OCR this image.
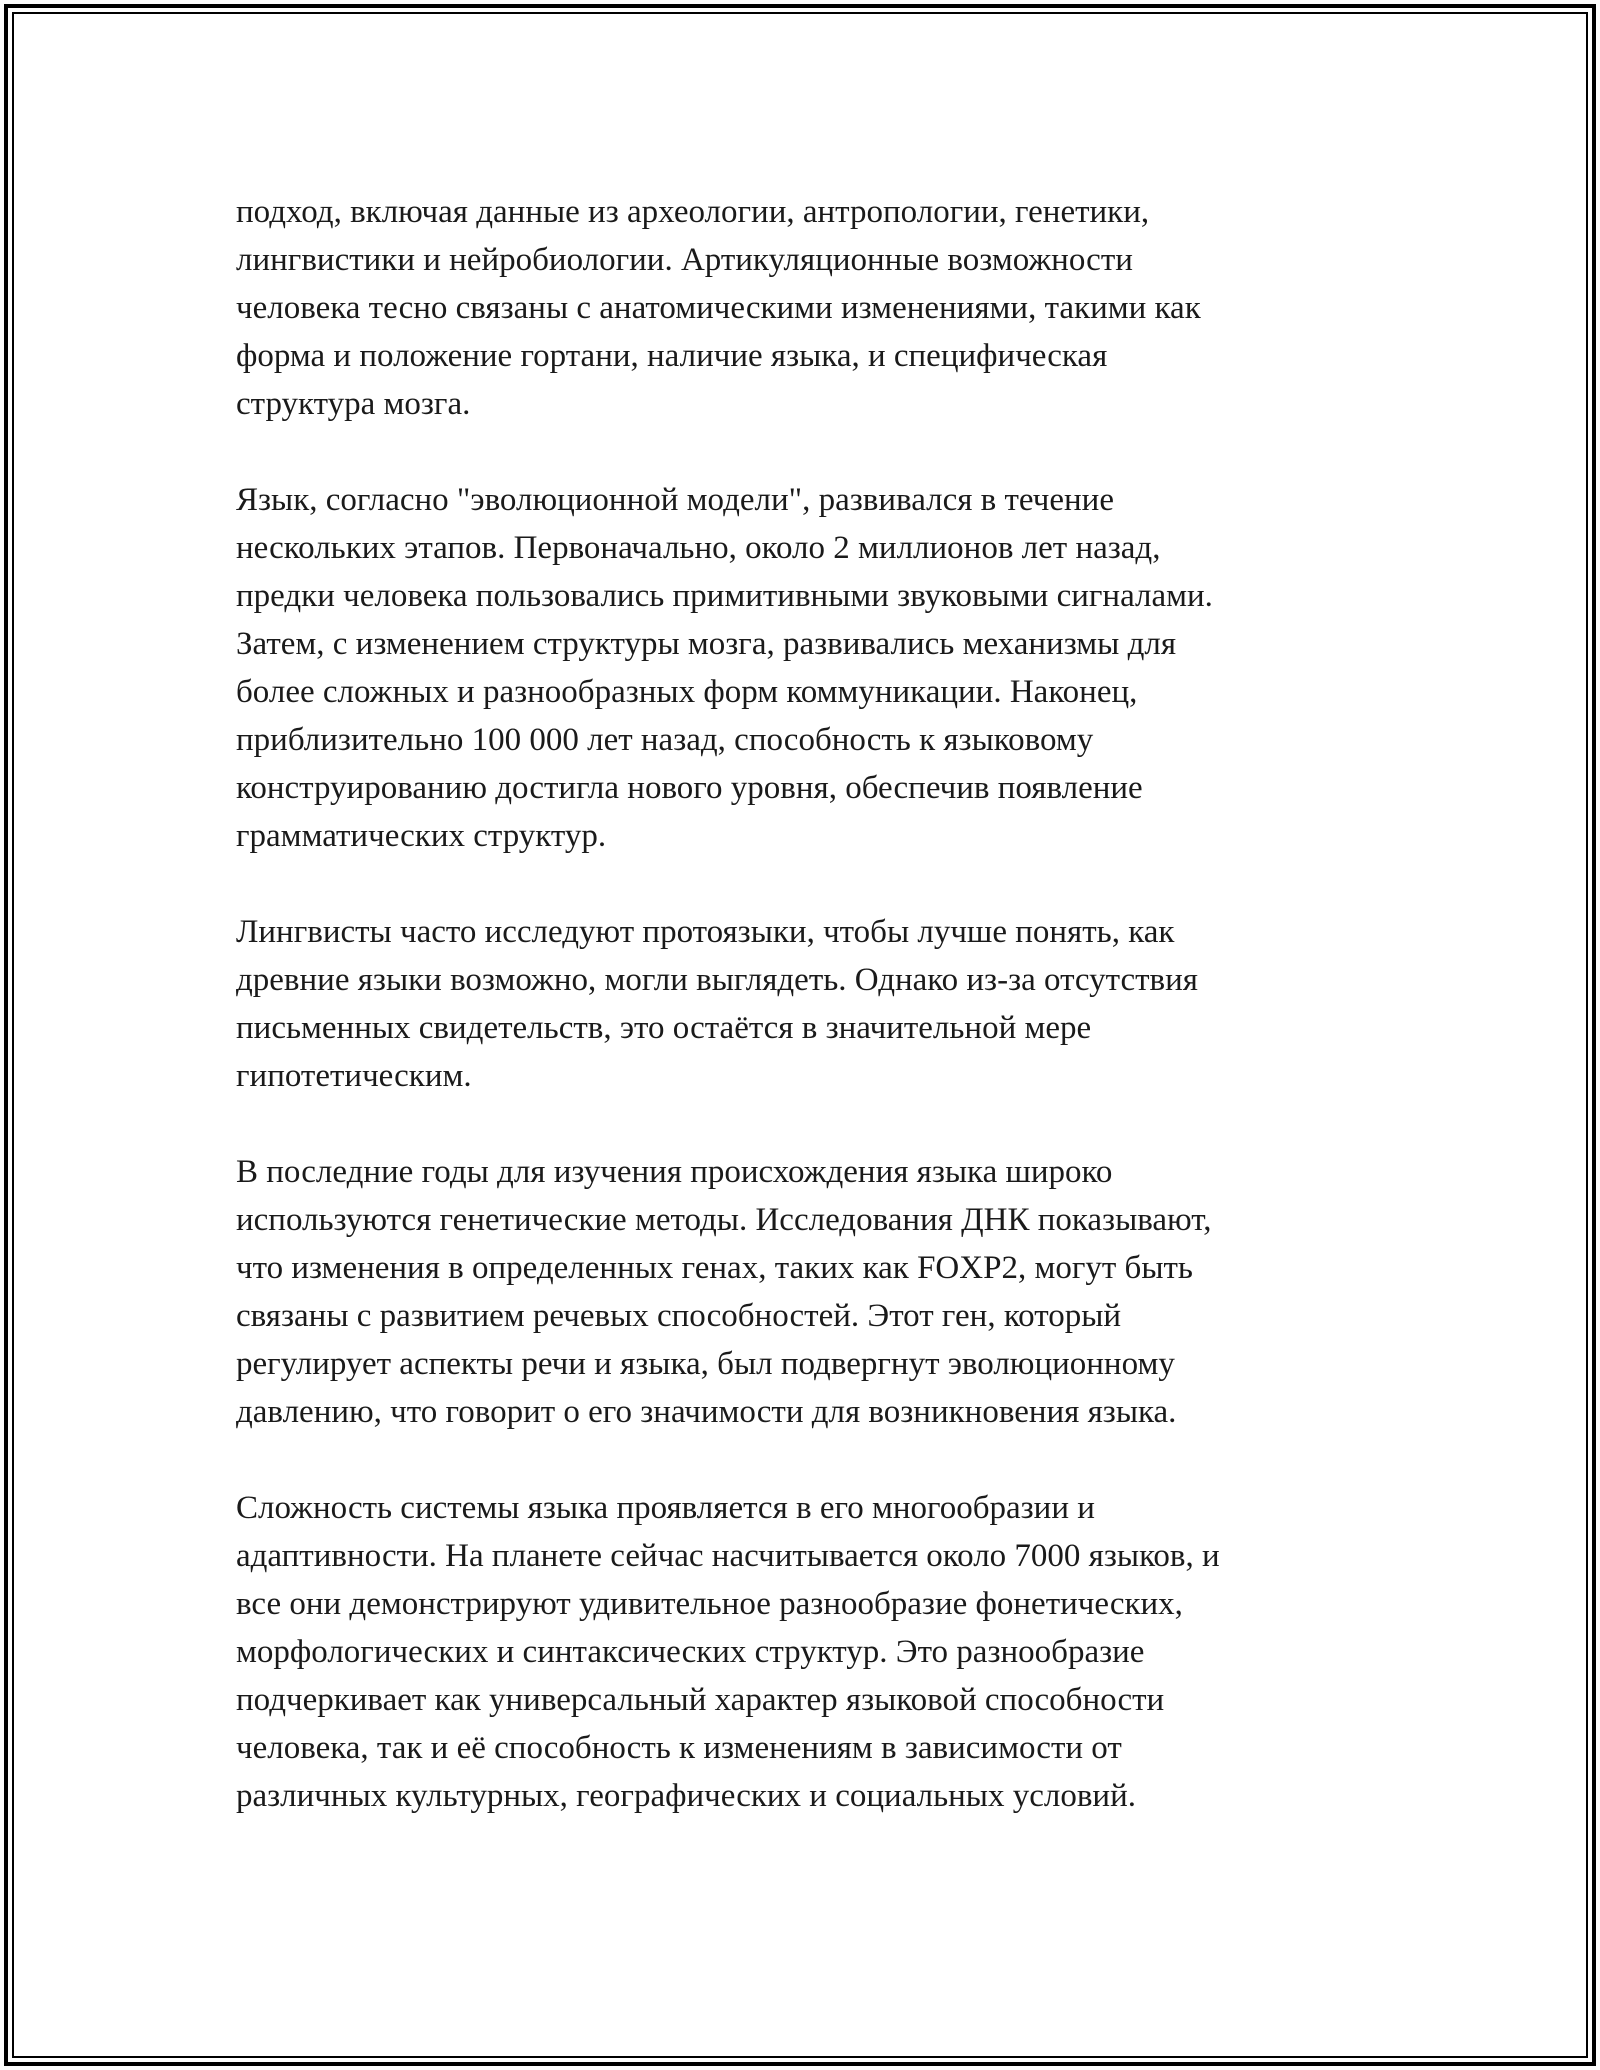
подход, включая данные из археологии, антропологии, генетики,
лингвистики и нейробиологии. Артикуляционные возможности
человека тесно связаны с анатомическими изменениями, такими как
форма и положение гортани, наличие языка, и специфическая
структура мозга.

Язык, согласно "эволюционной модели", развивался в течение
нескольких этапов. Первоначально, около 2 миллионов лет назад,
предки человека пользовались примитивными звуковыми сигналами.
Затем, с изменением структуры мозга, развивались механизмы для
более сложных и разнообразных форм коммуникации. Наконец,
приблизительно 100 000 лет назад, способность к языковому
конструированию достигла нового уровня, обеспечив появление
грамматических структур.

Лингвисты часто исследуют протоязыки, чтобы лучше понять, как
древние языки возможно, могли выглядеть. Однако из-за отсутствия
письменных свидетельств, это остаётся в значительной мере
гипотетическим.

В последние годы для изучения происхождения языка широко
используются генетические методы. Исследования ДНК показывают,
что изменения в определенных генах, таких как FOXP2, могут быть
связаны с развитием речевых способностей. Этот ген, который
регулирует аспекты речи и языка, был подвергнут эволюционному
давлению, что говорит о его значимости для возникновения языка.

Сложность системы языка проявляется в его многообразии и
адаптивности. На планете сейчас насчитывается около 7000 языков, и
все они демонстрируют удивительное разнообразие фонетических,
морфологических и синтаксических структур. Это разнообразие
подчеркивает как универсальный характер языковой способности
человека, так и её способность к изменениям в зависимости от
различных культурных, географических и социальных условий.
